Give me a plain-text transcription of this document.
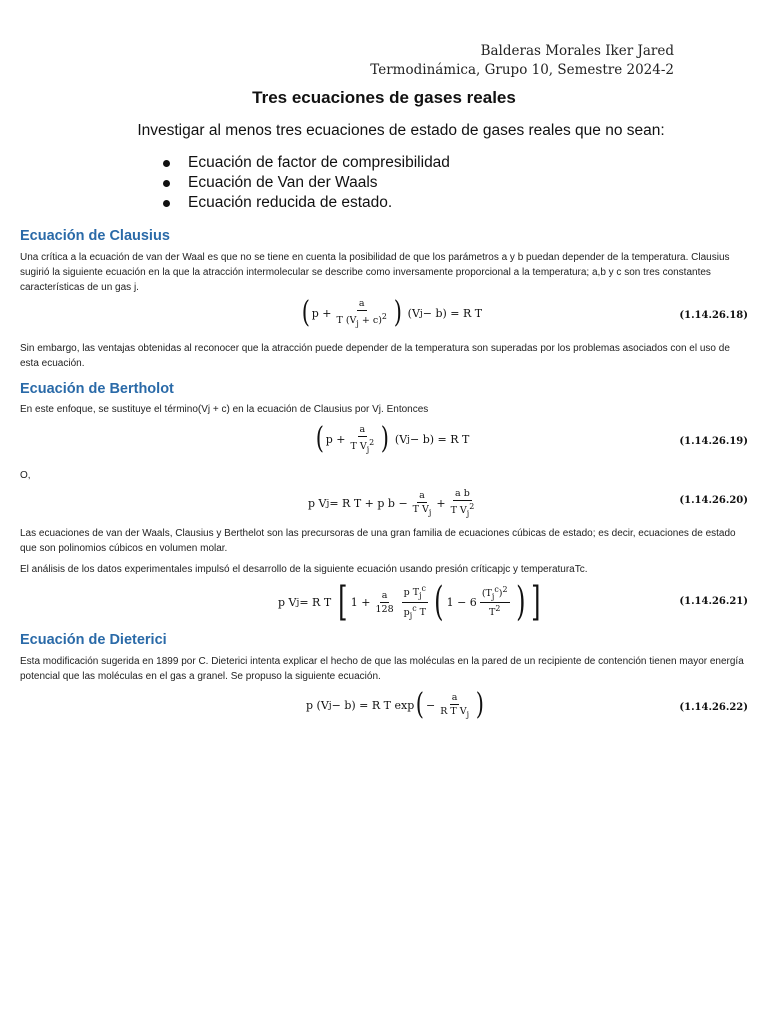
Balderas Morales Iker Jared
Termodinámica, Grupo 10, Semestre 2024-2
Tres ecuaciones de gases reales
Investigar al menos tres ecuaciones de estado de gases reales que no sean:
Ecuación de factor de compresibilidad
Ecuación de Van der Waals
Ecuación reducida de estado.
Ecuación de Clausius

Una crítica a la ecuación de van der Waal es que no se tiene en cuenta la posibilidad de que los parámetros a y b puedan depender de la temperatura. Clausius sugirió la siguiente ecuación en la que la atracción intermolecular se describe como inversamente proporcional a la temperatura; a,b y c son tres constantes características de un gas j.

( $p + \frac{a}{T (V_j + c)^2}$ ) (V j − b) = R T	(1.14.26.18)

Sin embargo, las ventajas obtenidas al reconocer que la atracción puede depender de la temperatura son superadas por los problemas asociados con el uso de esta ecuación.

Ecuación de Bertholot

En este enfoque, se sustituye el término(Vj + c) en la ecuación de Clausius por Vj. Entonces

( $p + \frac{a}{T V_j^2}$ ) (V j − b) = R T	(1.14.26.19)

O,

p V j = R T + p $b - \frac{a}{T V_j} + \frac{\text{a b}}{T V_j^2}$	(1.14.26.20)

Las ecuaciones de van der Waals, Clausius y Berthelot son las precursoras de una gran familia de ecuaciones cúbicas de estado; es decir, ecuaciones de estado que son polinomios cúbicos en volumen molar.

El análisis de los datos experimentales impulsó el desarrollo de la siguiente ecuación usando presión críticapjc y temperaturaTc.

p V j = R T [ $1 + \frac{a}{128} \frac{p T_j^c}{p_j^c T}$ ( $1 - 6 \frac{(T_j^c)^2}{T^2}$ ) ]	(1.14.26.21)
Ecuación de Dieterici

Esta modificación sugerida en 1899 por C. Dieterici intenta explicar el hecho de que las moléculas en la pared de un recipiente de contención tienen mayor energía potencial que las moléculas en el gas a granel. Se propuso la siguiente ecuación.

p (V j − b) = R T exp ( − $\frac{a}{R T V_j}$ )	(1.14.26.22)
